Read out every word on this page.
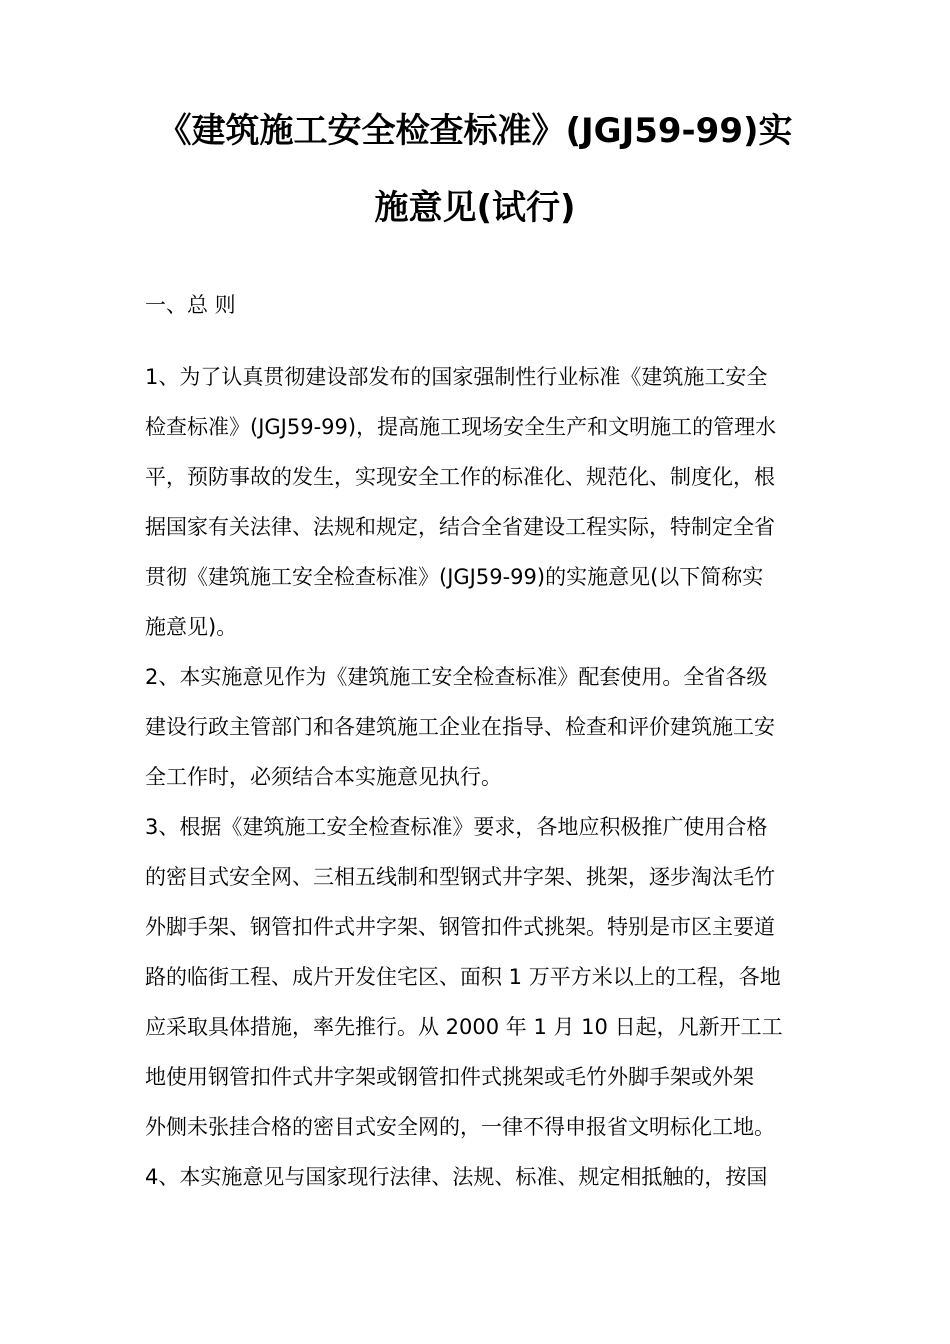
《建筑施工安全检查标准》(JGJ59-99)实
施意见(试行)
一、总 则
1、为了认真贯彻建设部发布的国家强制性行业标准《建筑施工安全
检查标准》(JGJ59-99)，提高施工现场安全生产和文明施工的管理水
平，预防事故的发生，实现安全工作的标准化、规范化、制度化，根
据国家有关法律、法规和规定，结合全省建设工程实际，特制定全省
贯彻《建筑施工安全检查标准》(JGJ59-99)的实施意见(以下简称实
施意见)。
2、本实施意见作为《建筑施工安全检查标准》配套使用。全省各级
建设行政主管部门和各建筑施工企业在指导、检查和评价建筑施工安
全工作时，必须结合本实施意见执行。
3、根据《建筑施工安全检查标准》要求，各地应积极推广使用合格
的密目式安全网、三相五线制和型钢式井字架、挑架，逐步淘汰毛竹
外脚手架、钢管扣件式井字架、钢管扣件式挑架。特别是市区主要道
路的临街工程、成片开发住宅区、面积 1 万平方米以上的工程，各地
应采取具体措施，率先推行。从 2000 年 1 月 10 日起，凡新开工工
地使用钢管扣件式井字架或钢管扣件式挑架或毛竹外脚手架或外架
外侧未张挂合格的密目式安全网的，一律不得申报省文明标化工地。
4、本实施意见与国家现行法律、法规、标准、规定相抵触的，按国
